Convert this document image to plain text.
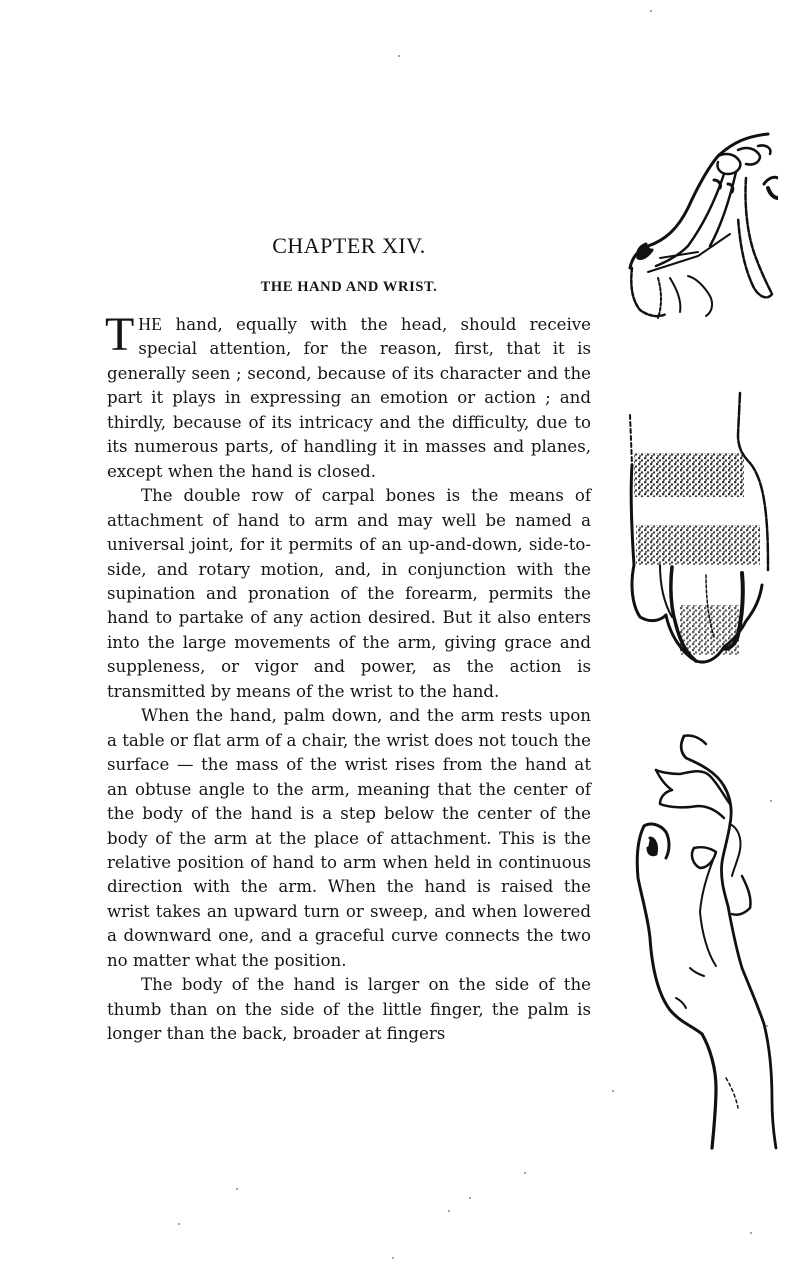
CHAPTER XIV.
THE HAND AND WRIST.

THE hand, equally with the head, should receive special attention, for the reason, first, that it is generally seen ; second, because of its character and the part it plays in expressing an emotion or action ; and thirdly, because of its intricacy and the difficulty, due to its numerous parts, of handling it in masses and planes, except when the hand is closed.

The double row of carpal bones is the means of attachment of hand to arm and may well be named a universal joint, for it permits of an up-and-down, side-to-side, and rotary motion, and, in conjunction with the supination and pronation of the forearm, permits the hand to partake of any action desired. But it also enters into the large movements of the arm, giving grace and suppleness, or vigor and power, as the action is transmitted by means of the wrist to the hand.

When the hand, palm down, and the arm rests upon a table or flat arm of a chair, the wrist does not touch the surface — the mass of the wrist rises from the hand at an obtuse angle to the arm, meaning that the center of the body of the hand is a step below the center of the body of the arm at the place of attachment. This is the relative position of hand to arm when held in continuous direction with the arm. When the hand is raised the wrist takes an upward turn or sweep, and when lowered a downward one, and a graceful curve connects the two no matter what the position.

The body of the hand is larger on the side of the thumb than on the side of the little finger, the palm is longer than the back, broader at fingers
